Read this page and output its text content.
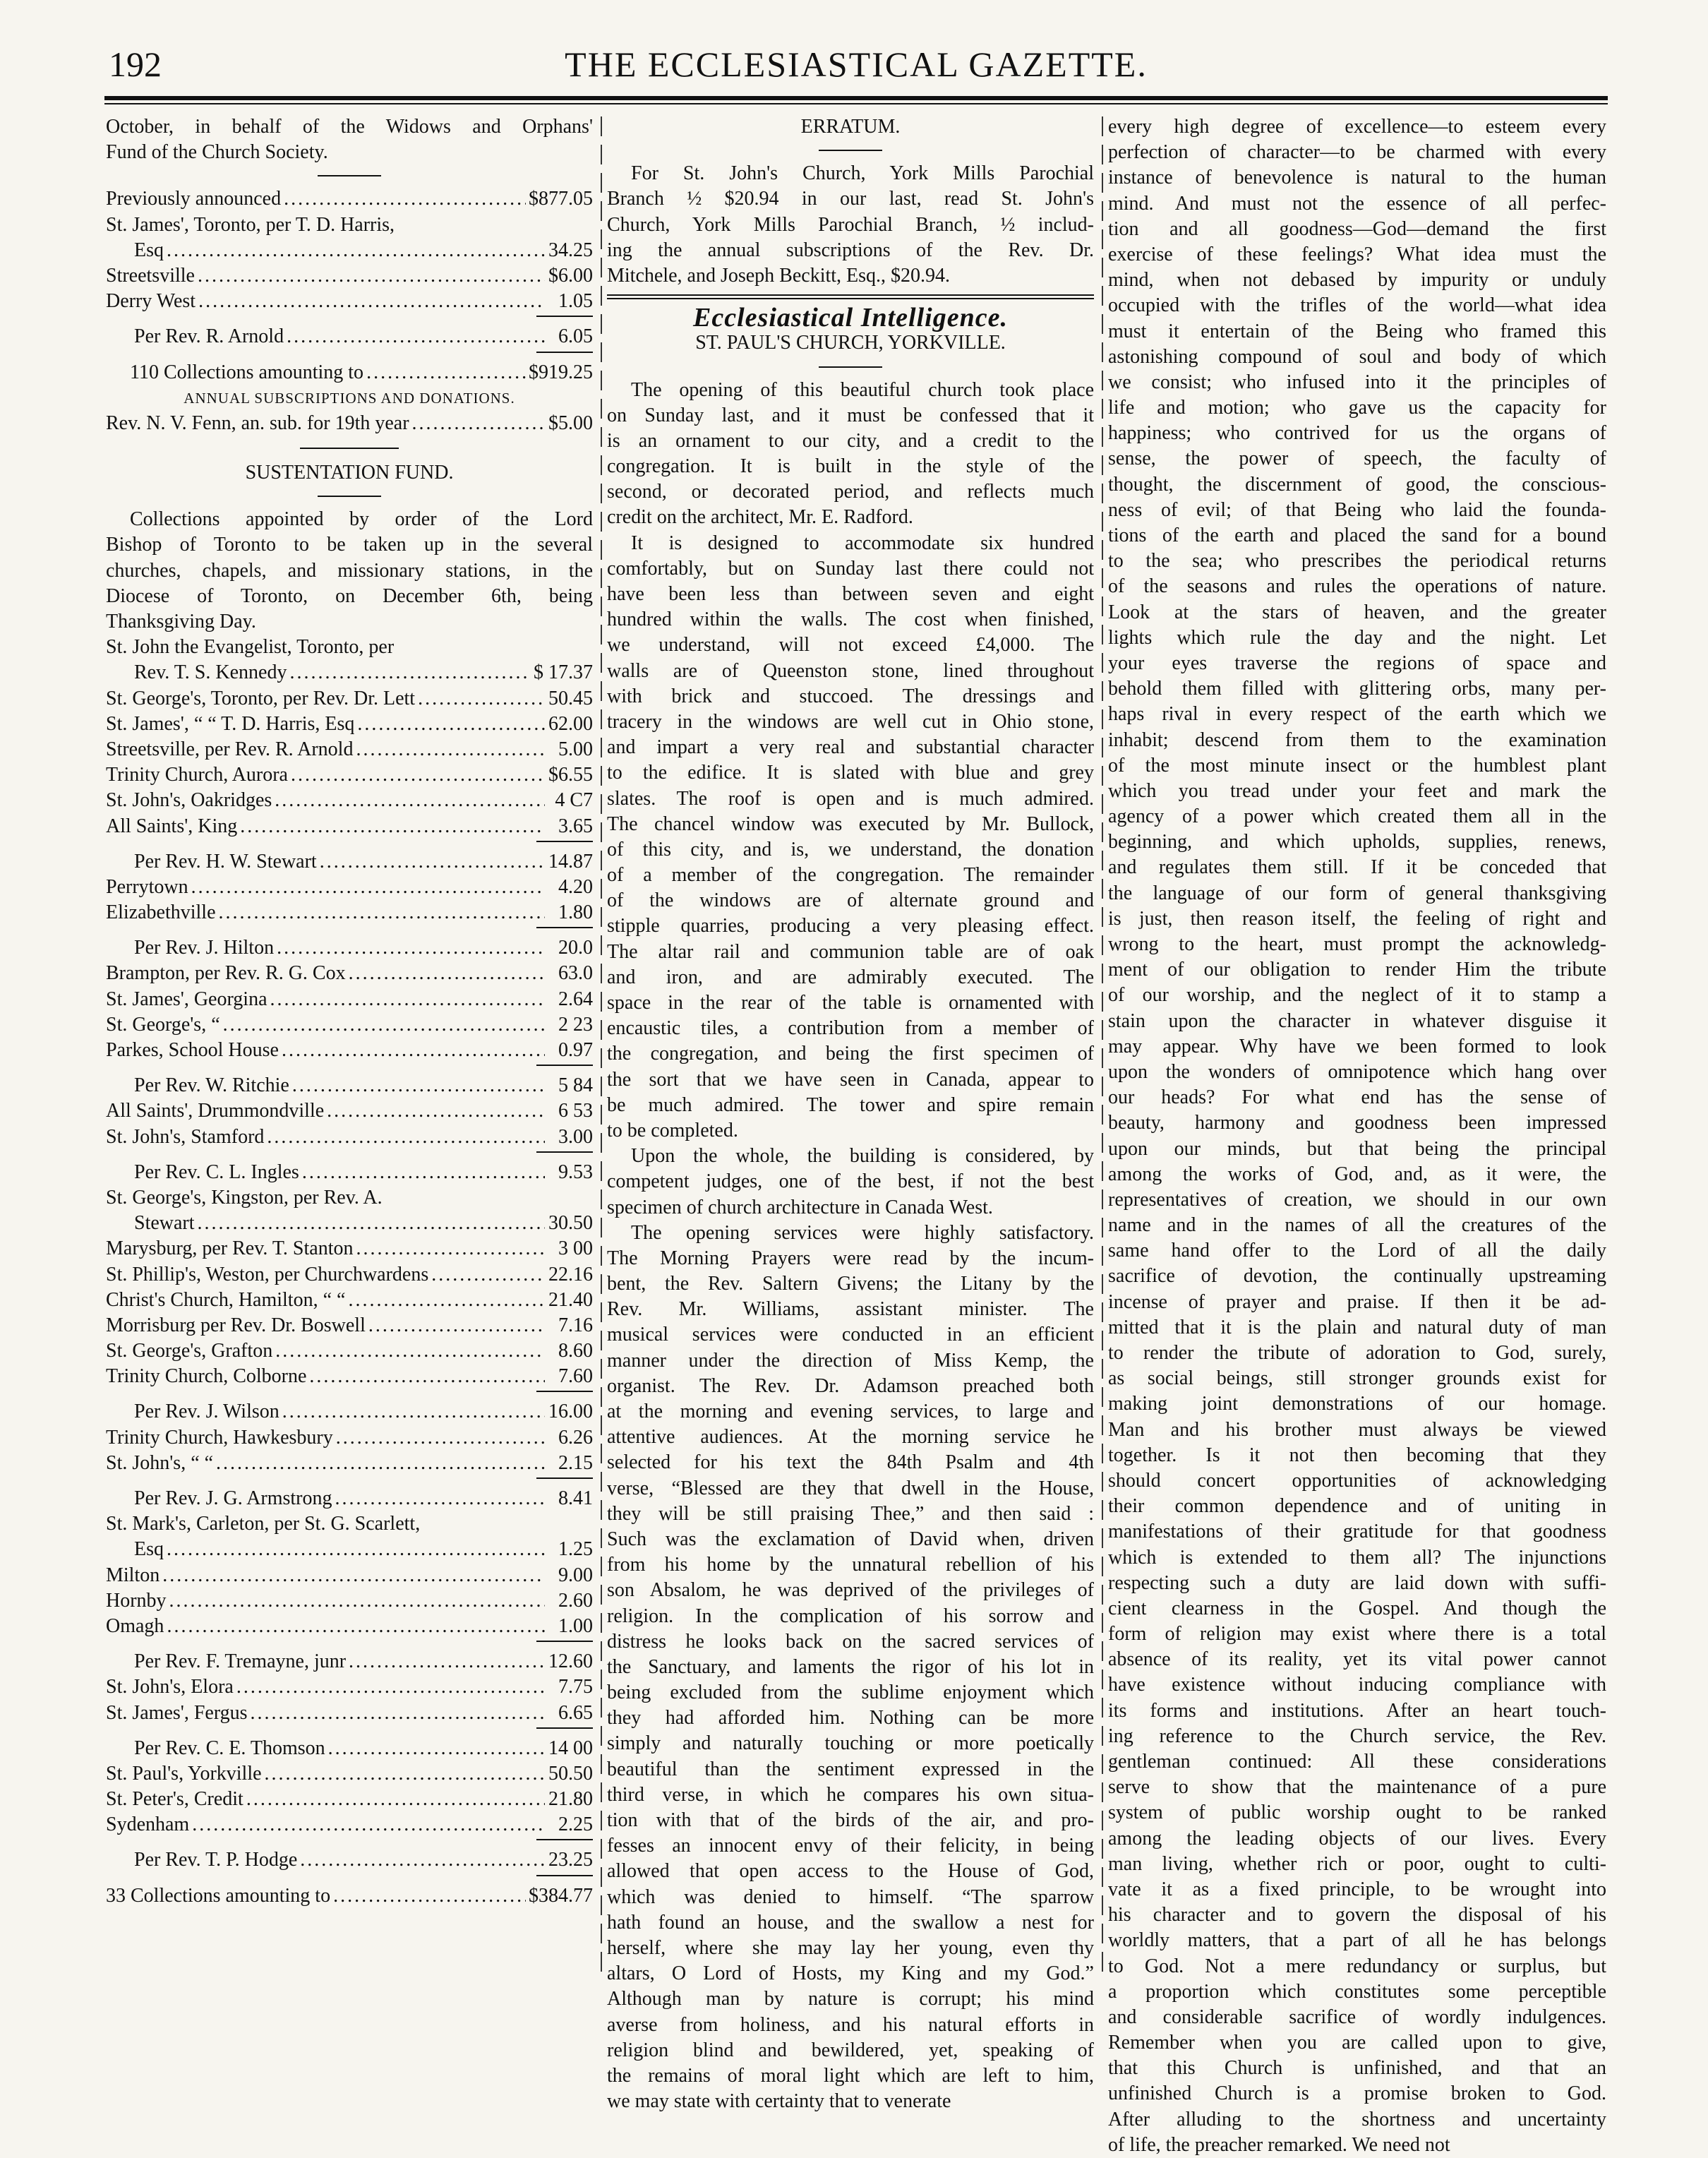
192	THE ECCLESIASTICAL GAZETTE.
October, in behalf of the Widows and Orphans'
Fund of the Church Society.
Previously announced .....	$877.05
St. James', Toronto, per T. D. Harris,
Esq .....	34.25
Streetsville .....	$6.00
Derry West .....	1.05
Per Rev. R. Arnold .....	6.05
110 Collections amounting to .....	$919.25
ANNUAL SUBSCRIPTIONS AND DONATIONS.
Rev. N. V. Fenn, an. sub. for 19th year .....	$5.00
SUSTENTATION FUND.
Collections appointed by order of the Lord
Bishop of Toronto to be taken up in the several
churches, chapels, and missionary stations, in the
Diocese of Toronto, on December 6th, being
Thanksgiving Day.
St. John the Evangelist, Toronto, per
Rev. T. S. Kennedy .....	$ 17.37
St. George's, Toronto, per Rev. Dr. Lett .....	50.45
St. James', “ “ T. D. Harris, Esq .....	62.00
Streetsville, per Rev. R. Arnold .....	5.00
Trinity Church, Aurora .....	$6.55
St. John's, Oakridges .....	4 C7
All Saints', King .....	3.65
Per Rev. H. W. Stewart .....	14.87
Perrytown .....	4.20
Elizabethville .....	1.80
Per Rev. J. Hilton .....	20.0
Brampton, per Rev. R. G. Cox .....	63.0
St. James', Georgina .....	2.64
St. George's, “ .....	2 23
Parkes, School House .....	0.97
Per Rev. W. Ritchie .....	5 84
All Saints', Drummondville .....	6 53
St. John's, Stamford .....	3.00
Per Rev. C. L. Ingles .....	9.53
St. George's, Kingston, per Rev. A.
Stewart .....	30.50
Marysburg, per Rev. T. Stanton .....	3 00
St. Phillip's, Weston, per Churchwardens .....	22.16
Christ's Church, Hamilton, “ “ .....	21.40
Morrisburg per Rev. Dr. Boswell .....	7.16
St. George's, Grafton .....	8.60
Trinity Church, Colborne .....	7.60
Per Rev. J. Wilson .....	16.00
Trinity Church, Hawkesbury .....	6.26
St. John's, “ “ .....	2.15
Per Rev. J. G. Armstrong .....	8.41
St. Mark's, Carleton, per St. G. Scarlett,
Esq .....	1.25
Milton .....	9.00
Hornby .....	2.60
Omagh .....	1.00
Per Rev. F. Tremayne, junr .....	12.60
St. John's, Elora .....	7.75
St. James', Fergus .....	6.65
Per Rev. C. E. Thomson .....	14 00
St. Paul's, Yorkville .....	50.50
St. Peter's, Credit .....	21.80
Sydenham .....	2.25
Per Rev. T. P. Hodge .....	23.25
33 Collections amounting to .....	$384.77
ERRATUM.
For St. John's Church, York Mills Parochial
Branch ½ $20.94 in our last, read St. John's
Church, York Mills Parochial Branch, ½ includ-
ing the annual subscriptions of the Rev. Dr.
Mitchele, and Joseph Beckitt, Esq., $20.94.
Ecclesiastical Intelligence.
ST. PAUL'S CHURCH, YORKVILLE.
The opening of this beautiful church took place
on Sunday last, and it must be confessed that it
is an ornament to our city, and a credit to the
congregation. It is built in the style of the
second, or decorated period, and reflects much
credit on the architect, Mr. E. Radford.
It is designed to accommodate six hundred
comfortably, but on Sunday last there could not
have been less than between seven and eight
hundred within the walls. The cost when finished,
we understand, will not exceed £4,000. The
walls are of Queenston stone, lined throughout
with brick and stuccoed. The dressings and
tracery in the windows are well cut in Ohio stone,
and impart a very real and substantial character
to the edifice. It is slated with blue and grey
slates. The roof is open and is much admired.
The chancel window was executed by Mr. Bullock,
of this city, and is, we understand, the donation
of a member of the congregation. The remainder
of the windows are of alternate ground and
stipple quarries, producing a very pleasing effect.
The altar rail and communion table are of oak
and iron, and are admirably executed. The
space in the rear of the table is ornamented with
encaustic tiles, a contribution from a member of
the congregation, and being the first specimen of
the sort that we have seen in Canada, appear to
be much admired. The tower and spire remain
to be completed.
Upon the whole, the building is considered, by
competent judges, one of the best, if not the best
specimen of church architecture in Canada West.
The opening services were highly satisfactory.
The Morning Prayers were read by the incum-
bent, the Rev. Saltern Givens; the Litany by the
Rev. Mr. Williams, assistant minister. The
musical services were conducted in an efficient
manner under the direction of Miss Kemp, the
organist. The Rev. Dr. Adamson preached both
at the morning and evening services, to large and
attentive audiences. At the morning service he
selected for his text the 84th Psalm and 4th
verse, “Blessed are they that dwell in the House,
they will be still praising Thee,” and then said :
Such was the exclamation of David when, driven
from his home by the unnatural rebellion of his
son Absalom, he was deprived of the privileges of
religion. In the complication of his sorrow and
distress he looks back on the sacred services of
the Sanctuary, and laments the rigor of his lot in
being excluded from the sublime enjoyment which
they had afforded him. Nothing can be more
simply and naturally touching or more poetically
beautiful than the sentiment expressed in the
third verse, in which he compares his own situa-
tion with that of the birds of the air, and pro-
fesses an innocent envy of their felicity, in being
allowed that open access to the House of God,
which was denied to himself. “The sparrow
hath found an house, and the swallow a nest for
herself, where she may lay her young, even thy
altars, O Lord of Hosts, my King and my God.”
Although man by nature is corrupt; his mind
averse from holiness, and his natural efforts in
religion blind and bewildered, yet, speaking of
the remains of moral light which are left to him,
we may state with certainty that to venerate
every high degree of excellence—to esteem every
perfection of character—to be charmed with every
instance of benevolence is natural to the human
mind. And must not the essence of all perfec-
tion and all goodness—God—demand the first
exercise of these feelings? What idea must the
mind, when not debased by impurity or unduly
occupied with the trifles of the world—what idea
must it entertain of the Being who framed this
astonishing compound of soul and body of which
we consist; who infused into it the principles of
life and motion; who gave us the capacity for
happiness; who contrived for us the organs of
sense, the power of speech, the faculty of
thought, the discernment of good, the conscious-
ness of evil; of that Being who laid the founda-
tions of the earth and placed the sand for a bound
to the sea; who prescribes the periodical returns
of the seasons and rules the operations of nature.
Look at the stars of heaven, and the greater
lights which rule the day and the night. Let
your eyes traverse the regions of space and
behold them filled with glittering orbs, many per-
haps rival in every respect of the earth which we
inhabit; descend from them to the examination
of the most minute insect or the humblest plant
which you tread under your feet and mark the
agency of a power which created them all in the
beginning, and which upholds, supplies, renews,
and regulates them still. If it be conceded that
the language of our form of general thanksgiving
is just, then reason itself, the feeling of right and
wrong to the heart, must prompt the acknowledg-
ment of our obligation to render Him the tribute
of our worship, and the neglect of it to stamp a
stain upon the character in whatever disguise it
may appear. Why have we been formed to look
upon the wonders of omnipotence which hang over
our heads? For what end has the sense of
beauty, harmony and goodness been impressed
upon our minds, but that being the principal
among the works of God, and, as it were, the
representatives of creation, we should in our own
name and in the names of all the creatures of the
same hand offer to the Lord of all the daily
sacrifice of devotion, the continually upstreaming
incense of prayer and praise. If then it be ad-
mitted that it is the plain and natural duty of man
to render the tribute of adoration to God, surely,
as social beings, still stronger grounds exist for
making joint demonstrations of our homage.
Man and his brother must always be viewed
together. Is it not then becoming that they
should concert opportunities of acknowledging
their common dependence and of uniting in
manifestations of their gratitude for that goodness
which is extended to them all? The injunctions
respecting such a duty are laid down with suffi-
cient clearness in the Gospel. And though the
form of religion may exist where there is a total
absence of its reality, yet its vital power cannot
have existence without inducing compliance with
its forms and institutions. After an heart touch-
ing reference to the Church service, the Rev.
gentleman continued: All these considerations
serve to show that the maintenance of a pure
system of public worship ought to be ranked
among the leading objects of our lives. Every
man living, whether rich or poor, ought to culti-
vate it as a fixed principle, to be wrought into
his character and to govern the disposal of his
worldly matters, that a part of all he has belongs
to God. Not a mere redundancy or surplus, but
a proportion which constitutes some perceptible
and considerable sacrifice of wordly indulgences.
Remember when you are called upon to give,
that this Church is unfinished, and that an
unfinished Church is a promise broken to God.
After alluding to the shortness and uncertainty
of life, the preacher remarked. We need not
